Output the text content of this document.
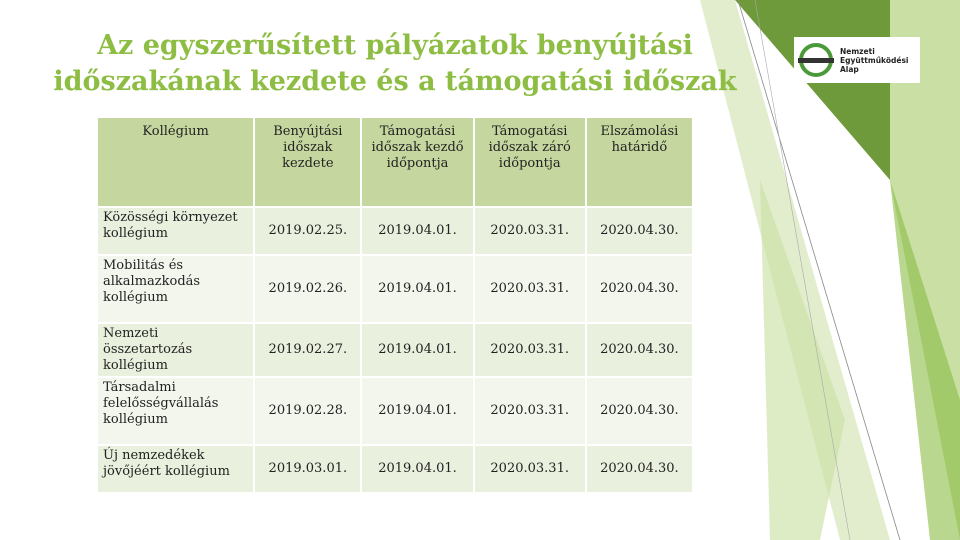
Az egyszerűsített pályázatok benyújtási
időszakának kezdete és a támogatási időszak
Nemzeti
Együttműködési
Alap
Kollégium	Benyújtási időszak kezdete	Támogatási időszak kezdő időpontja	Támogatási időszak záró időpontja	Elszámolási határidő
Közösségi környezet kollégium	2019.02.25.	2019.04.01.	2020.03.31.	2020.04.30.
Mobilitás és alkalmazkodás kollégium	2019.02.26.	2019.04.01.	2020.03.31.	2020.04.30.
Nemzeti összetartozás kollégium	2019.02.27.	2019.04.01.	2020.03.31.	2020.04.30.
Társadalmi felelősségvállalás kollégium	2019.02.28.	2019.04.01.	2020.03.31.	2020.04.30.
Új nemzedékek jövőjéért kollégium	2019.03.01.	2019.04.01.	2020.03.31.	2020.04.30.
